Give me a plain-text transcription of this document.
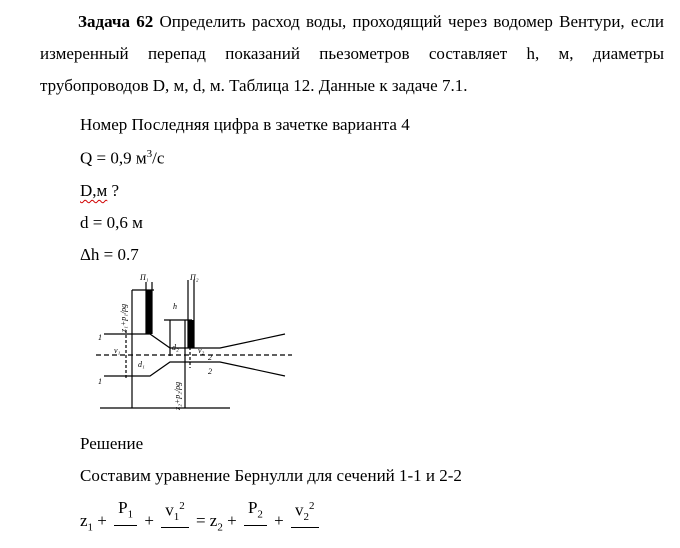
Задача 62 Определить расход воды, проходящий через водомер Вентури, если измеренный перепад показаний пьезометров составляет h, м, диаметры трубопроводов D, м, d, м. Таблица 12. Данные к задаче 7.1.
Номер Последняя цифра в зачетке варианта 4
Q = 0,9 $м^3/с$
D,м ?
d = 0,6 м
Δh = 0.7
П₁	П₂
h
1
1
2
2
v₁	v₂
d₁
d₂
z₁+p₁/ρg
z₂+p₂/ρg
Решение
Составим уравнение Бернулли для сечений 1-1 и 2-2
$z_1$ +
$P_1$
+
$v_1^2$

= $z_2$ +
$P_2$
+
$v_2^2$
